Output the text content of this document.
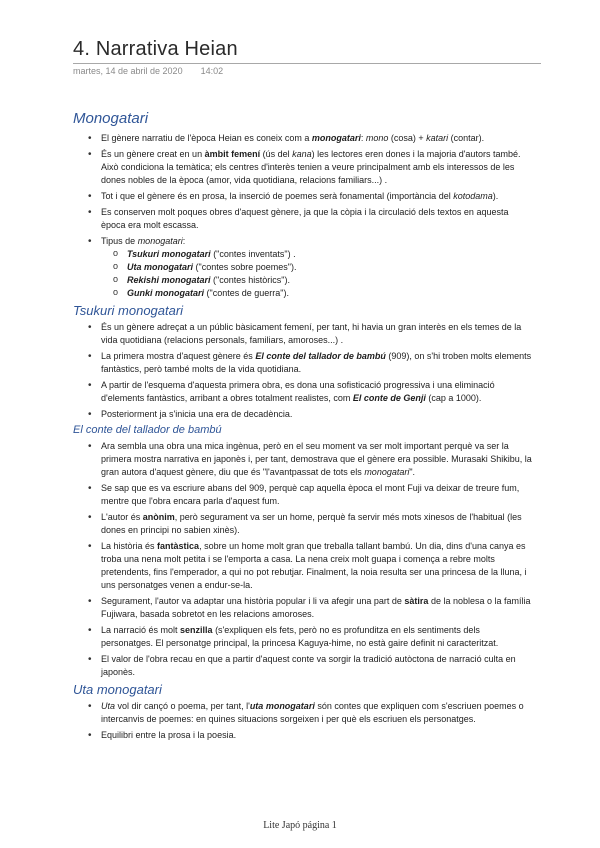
4. Narrativa Heian
martes, 14 de abril de 2020 14:02
Monogatari
• El gènere narratiu de l'època Heian es coneix com a monogatari: mono (cosa) + katari (contar).
• És un gènere creat en un àmbit femení (ús del kana) les lectores eren dones i la majoria d'autors també. Això condiciona la temàtica; els centres d'interès tenien a veure principalment amb els interessos de les dones nobles de la època (amor, vida quotidiana, relacions familiars...) .
• Tot i que el gènere és en prosa, la inserció de poemes serà fonamental (importància del kotodama).
• Es conserven molt poques obres d'aquest gènere, ja que la còpia i la circulació dels textos en aquesta època era molt escassa.
• Tipus de monogatari:
o Tsukuri monogatari ("contes inventats") .
o Uta monogatari ("contes sobre poemes").
o Rekishi monogatari ("contes històrics").
o Gunki monogatari ("contes de guerra").
Tsukuri monogatari
• És un gènere adreçat a un públic bàsicament femení, per tant, hi havia un gran interès en els temes de la vida quotidiana (relacions personals, familiars, amoroses...) .
• La primera mostra d'aquest gènere és El conte del tallador de bambú (909), on s'hi troben molts elements fantàstics, però també molts de la vida quotidiana.
• A partir de l'esquema d'aquesta primera obra, es dona una sofisticació progressiva i una eliminació d'elements fantàstics, arribant a obres totalment realistes, com El conte de Genji (cap a 1000).
• Posteriorment ja s'inicia una era de decadència.
El conte del tallador de bambú
• Ara sembla una obra una mica ingènua, però en el seu moment va ser molt important perquè va ser la primera mostra narrativa en japonès i, per tant, demostrava que el gènere era possible. Murasaki Shikibu, la gran autora d'aquest gènere, diu que és "l'avantpassat de tots els monogatari".
• Se sap que es va escriure abans del 909, perquè cap aquella època el mont Fuji va deixar de treure fum, mentre que l'obra encara parla d'aquest fum.
• L'autor és anònim, però segurament va ser un home, perquè fa servir més mots xinesos de l'habitual (les dones en principi no sabien xinès).
• La història és fantàstica, sobre un home molt gran que treballa tallant bambú. Un dia, dins d'una canya es troba una nena molt petita i se l'emporta a casa. La nena creix molt guapa i comença a rebre molts pretendents, fins l'emperador, a qui no pot rebutjar. Finalment, la noia resulta ser una princesa de la lluna, i uns personatges venen a endur-se-la.
• Segurament, l'autor va adaptar una història popular i li va afegir una part de sàtira de la noblesa o la família Fujiwara, basada sobretot en les relacions amoroses.
• La narració és molt senzilla (s'expliquen els fets, però no es profunditza en els sentiments dels personatges. El personatge principal, la princesa Kaguya-hime, no està gaire definit ni caracteritzat.
• El valor de l'obra recau en que a partir d'aquest conte va sorgir la tradició autòctona de narració culta en japonès.
Uta monogatari
• Uta vol dir cançó o poema, per tant, l'uta monogatari són contes que expliquen com s'escriuen poemes o intercanvis de poemes: en quines situacions sorgeixen i per què els escriuen els personatges.
• Equilibri entre la prosa i la poesia.
Lite Japó página 1
